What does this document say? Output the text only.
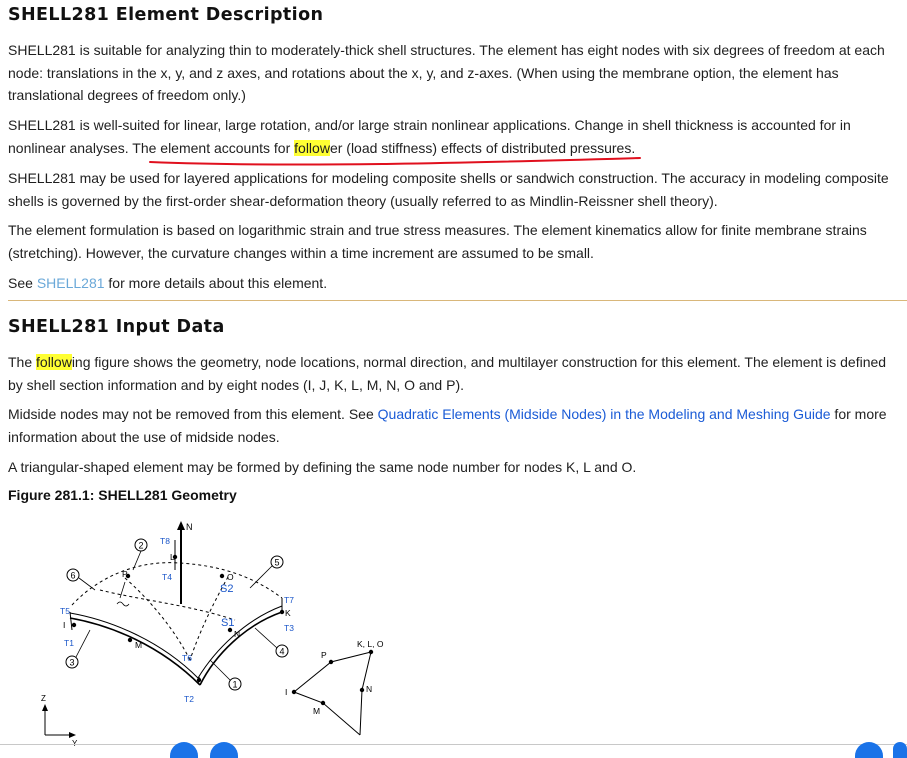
SHELL281 Element Description

SHELL281 is suitable for analyzing thin to moderately-thick shell structures. The element has eight nodes with six degrees of freedom at each node: translations in the x, y, and z axes, and rotations about the x, y, and z-axes. (When using the membrane option, the element has translational degrees of freedom only.)

SHELL281 is well-suited for linear, large rotation, and/or large strain nonlinear applications. Change in shell thickness is accounted for in nonlinear analyses. The element accounts for follower (load stiffness) effects of distributed pressures.

SHELL281 may be used for layered applications for modeling composite shells or sandwich construction. The accuracy in modeling composite shells is governed by the first-order shear-deformation theory (usually referred to as Mindlin-Reissner shell theory).

The element formulation is based on logarithmic strain and true stress measures. The element kinematics allow for finite membrane strains (stretching). However, the curvature changes within a time increment are assumed to be small.

See SHELL281 for more details about this element.

SHELL281 Input Data

The following figure shows the geometry, node locations, normal direction, and multilayer construction for this element. The element is defined by shell section information and by eight nodes (I, J, K, L, M, N, O and P).

Midside nodes may not be removed from this element. See Quadratic Elements (Midside Nodes) in the Modeling and Meshing Guide for more information about the use of midside nodes.

A triangular-shaped element may be formed by defining the same node number for nodes K, L and O.

Figure 281.1: SHELL281 Geometry
N
T8
T4
T5
T1
T7
T3
T6
T2
S2
S1
L
P	O
I
M
N
K
J
2
6
5
3
4
1
K, L, O
P
I	N
M
Z
